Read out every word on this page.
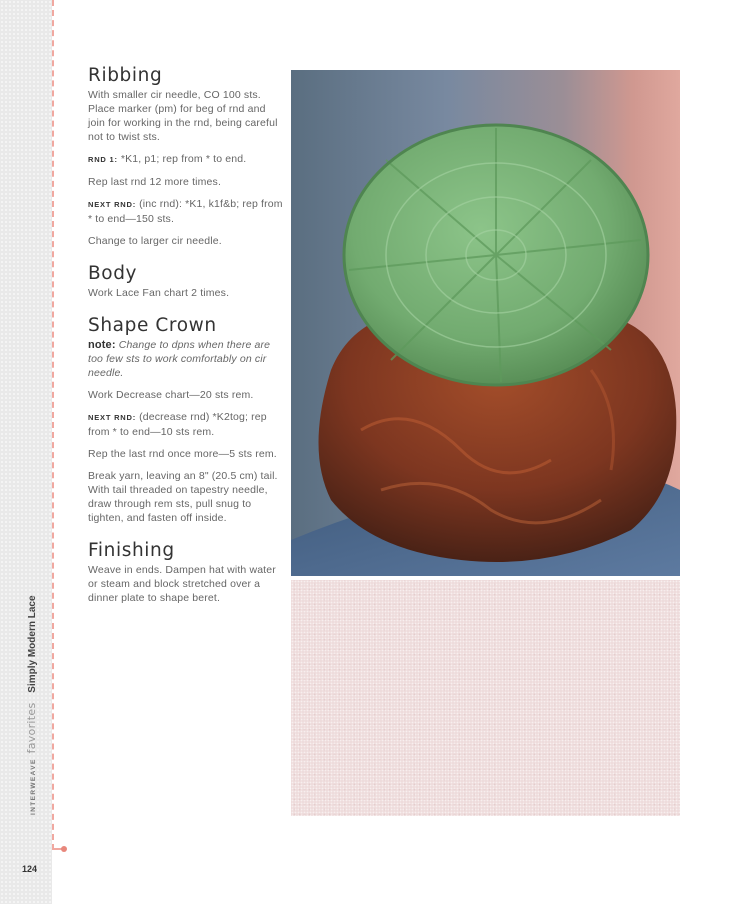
INTERWEAVE favorites Simply Modern Lace
124
Ribbing

With smaller cir needle, CO 100 sts. Place marker (pm) for beg of rnd and join for working in the rnd, being careful not to twist sts.

RND 1: *K1, p1; rep from * to end.

Rep last rnd 12 more times.

NEXT RND: (inc rnd): *K1, k1f&b; rep from * to end—150 sts.

Change to larger cir needle.

Body

Work Lace Fan chart 2 times.

Shape Crown

note: Change to dpns when there are too few sts to work comfortably on cir needle.

Work Decrease chart—20 sts rem.

NEXT RND: (decrease rnd) *K2tog; rep from * to end—10 sts rem.

Rep the last rnd once more—5 sts rem.

Break yarn, leaving an 8" (20.5 cm) tail. With tail threaded on tapestry needle, draw through rem sts, pull snug to tighten, and fasten off inside.

Finishing

Weave in ends. Dampen hat with water or steam and block stretched over a dinner plate to shape beret.
